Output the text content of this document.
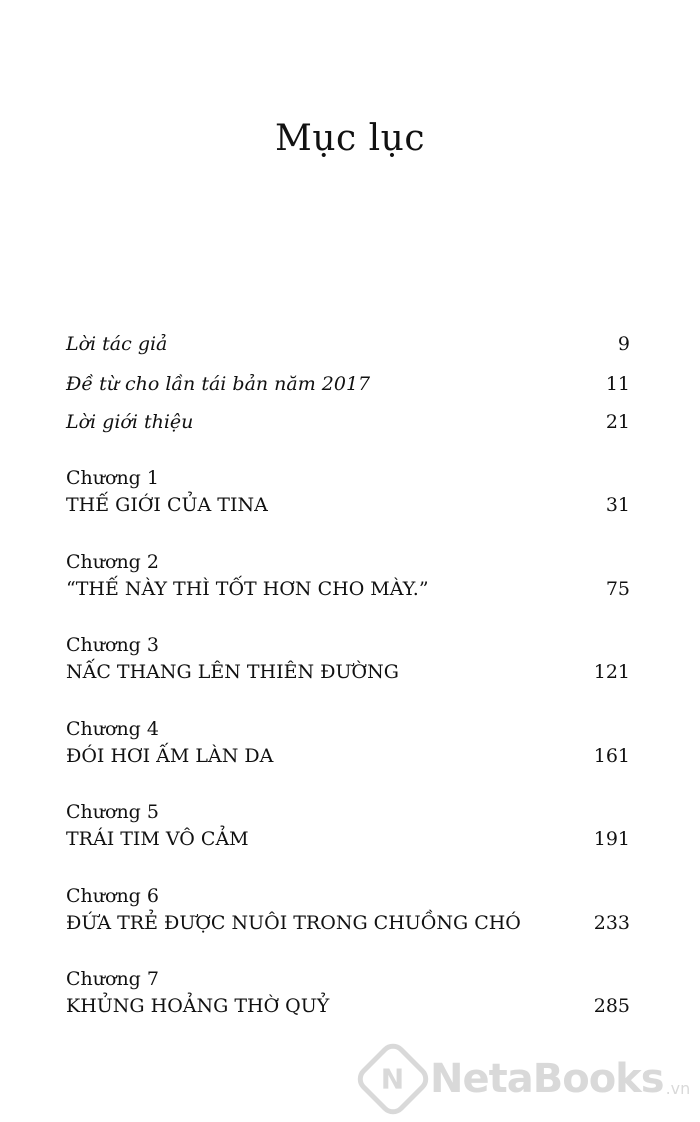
Mục lục
Lời tác giả	9
Đề từ cho lần tái bản năm 2017	11
Lời giới thiệu	21
Chương 1
THẾ GIỚI CỦA TINA	31
Chương 2
“THẾ NÀY THÌ TỐT HƠN CHO MÀY.”	75
Chương 3
NẤC THANG LÊN THIÊN ĐƯỜNG	121
Chương 4
ĐÓI HƠI ẤM LÀN DA	161
Chương 5
TRÁI TIM VÔ CẢM	191
Chương 6
ĐỨA TRẺ ĐƯỢC NUÔI TRONG CHUỒNG CHÓ	233
Chương 7
KHỦNG HOẢNG THỜ QUỶ	285
N NetaBooks .vn
